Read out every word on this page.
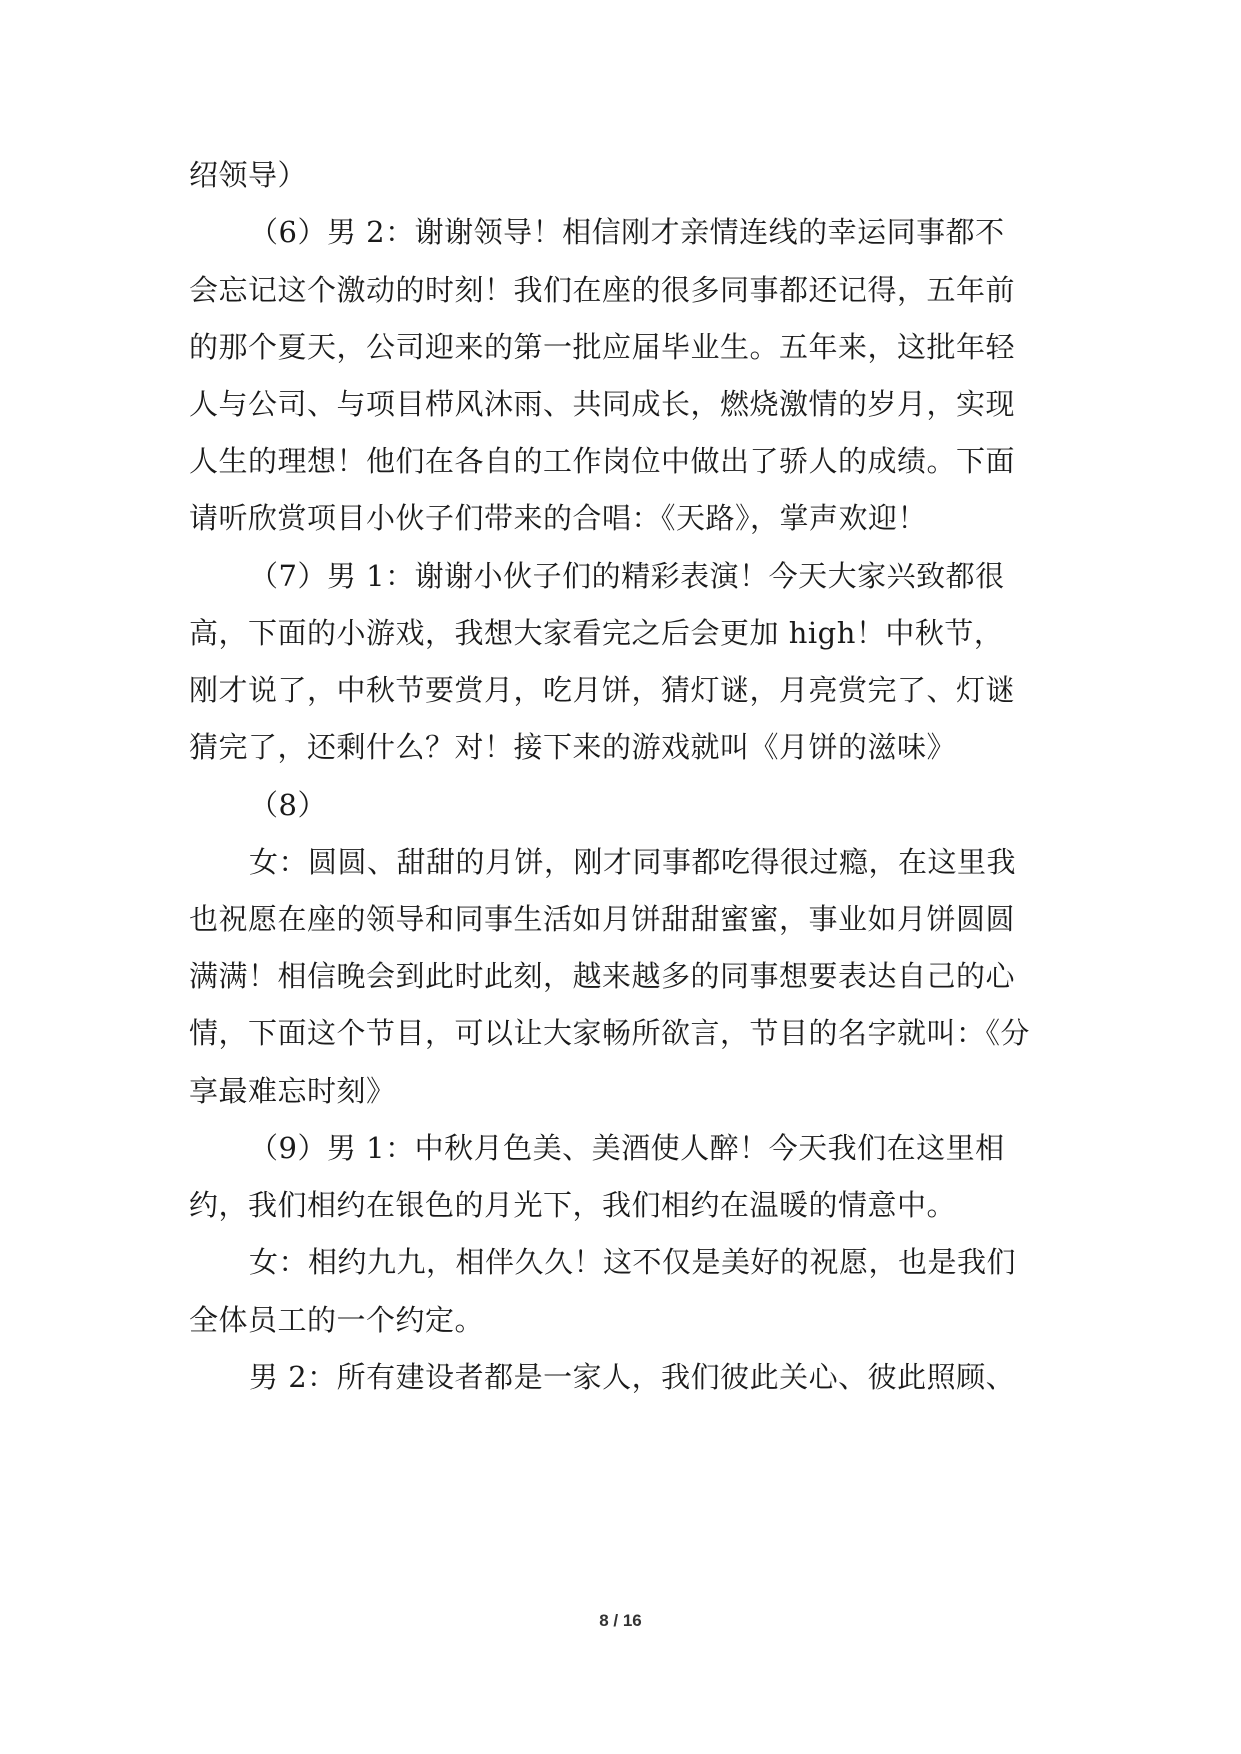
绍领导）
（6）男 2：谢谢领导！相信刚才亲情连线的幸运同事都不
会忘记这个激动的时刻！我们在座的很多同事都还记得，五年前
的那个夏天，公司迎来的第一批应届毕业生。五年来，这批年轻
人与公司、与项目栉风沐雨、共同成长，燃烧激情的岁月，实现
人生的理想！他们在各自的工作岗位中做出了骄人的成绩。下面
请听欣赏项目小伙子们带来的合唱：《天路》，掌声欢迎！
（7）男 1：谢谢小伙子们的精彩表演！今天大家兴致都很
高，下面的小游戏，我想大家看完之后会更加 high！中秋节，
刚才说了，中秋节要赏月，吃月饼，猜灯谜，月亮赏完了、灯谜
猜完了，还剩什么？对！接下来的游戏就叫《月饼的滋味》
（8）
女：圆圆、甜甜的月饼，刚才同事都吃得很过瘾，在这里我
也祝愿在座的领导和同事生活如月饼甜甜蜜蜜，事业如月饼圆圆
满满！相信晚会到此时此刻，越来越多的同事想要表达自己的心
情，下面这个节目，可以让大家畅所欲言，节目的名字就叫：《分
享最难忘时刻》
（9）男 1：中秋月色美、美酒使人醉！今天我们在这里相
约，我们相约在银色的月光下，我们相约在温暖的情意中。
女：相约九九，相伴久久！这不仅是美好的祝愿，也是我们
全体员工的一个约定。
男 2：所有建设者都是一家人，我们彼此关心、彼此照顾、
8 / 16
